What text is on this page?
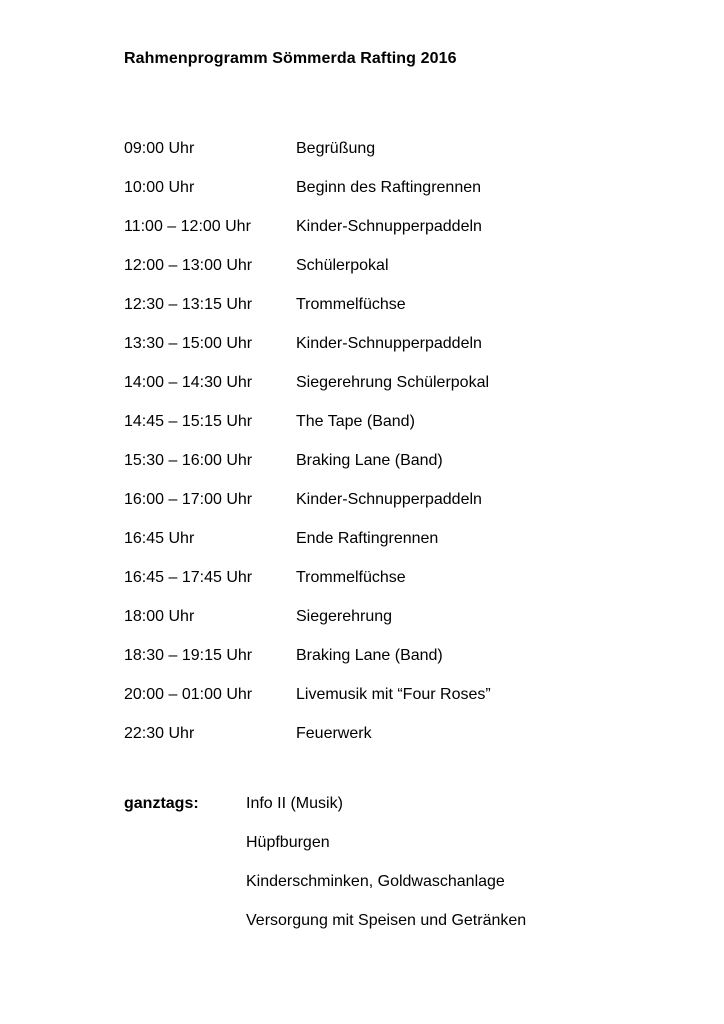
Rahmenprogramm Sömmerda Rafting 2016
09:00 Uhr	Begrüßung
10:00 Uhr	Beginn des Raftingrennen
11:00 – 12:00 Uhr	Kinder-Schnupperpaddeln
12:00 – 13:00 Uhr	Schülerpokal
12:30 – 13:15 Uhr	Trommelfüchse
13:30 – 15:00 Uhr	Kinder-Schnupperpaddeln
14:00 – 14:30 Uhr	Siegerehrung Schülerpokal
14:45 – 15:15 Uhr	The Tape (Band)
15:30 – 16:00 Uhr	Braking Lane (Band)
16:00 – 17:00 Uhr	Kinder-Schnupperpaddeln
16:45 Uhr	Ende Raftingrennen
16:45 – 17:45 Uhr	Trommelfüchse
18:00 Uhr	Siegerehrung
18:30 – 19:15 Uhr	Braking Lane (Band)
20:00 – 01:00 Uhr	Livemusik mit “Four Roses”
22:30 Uhr	Feuerwerk
ganztags:	Info II (Musik)
Hüpfburgen
Kinderschminken, Goldwaschanlage
Versorgung mit Speisen und Getränken
